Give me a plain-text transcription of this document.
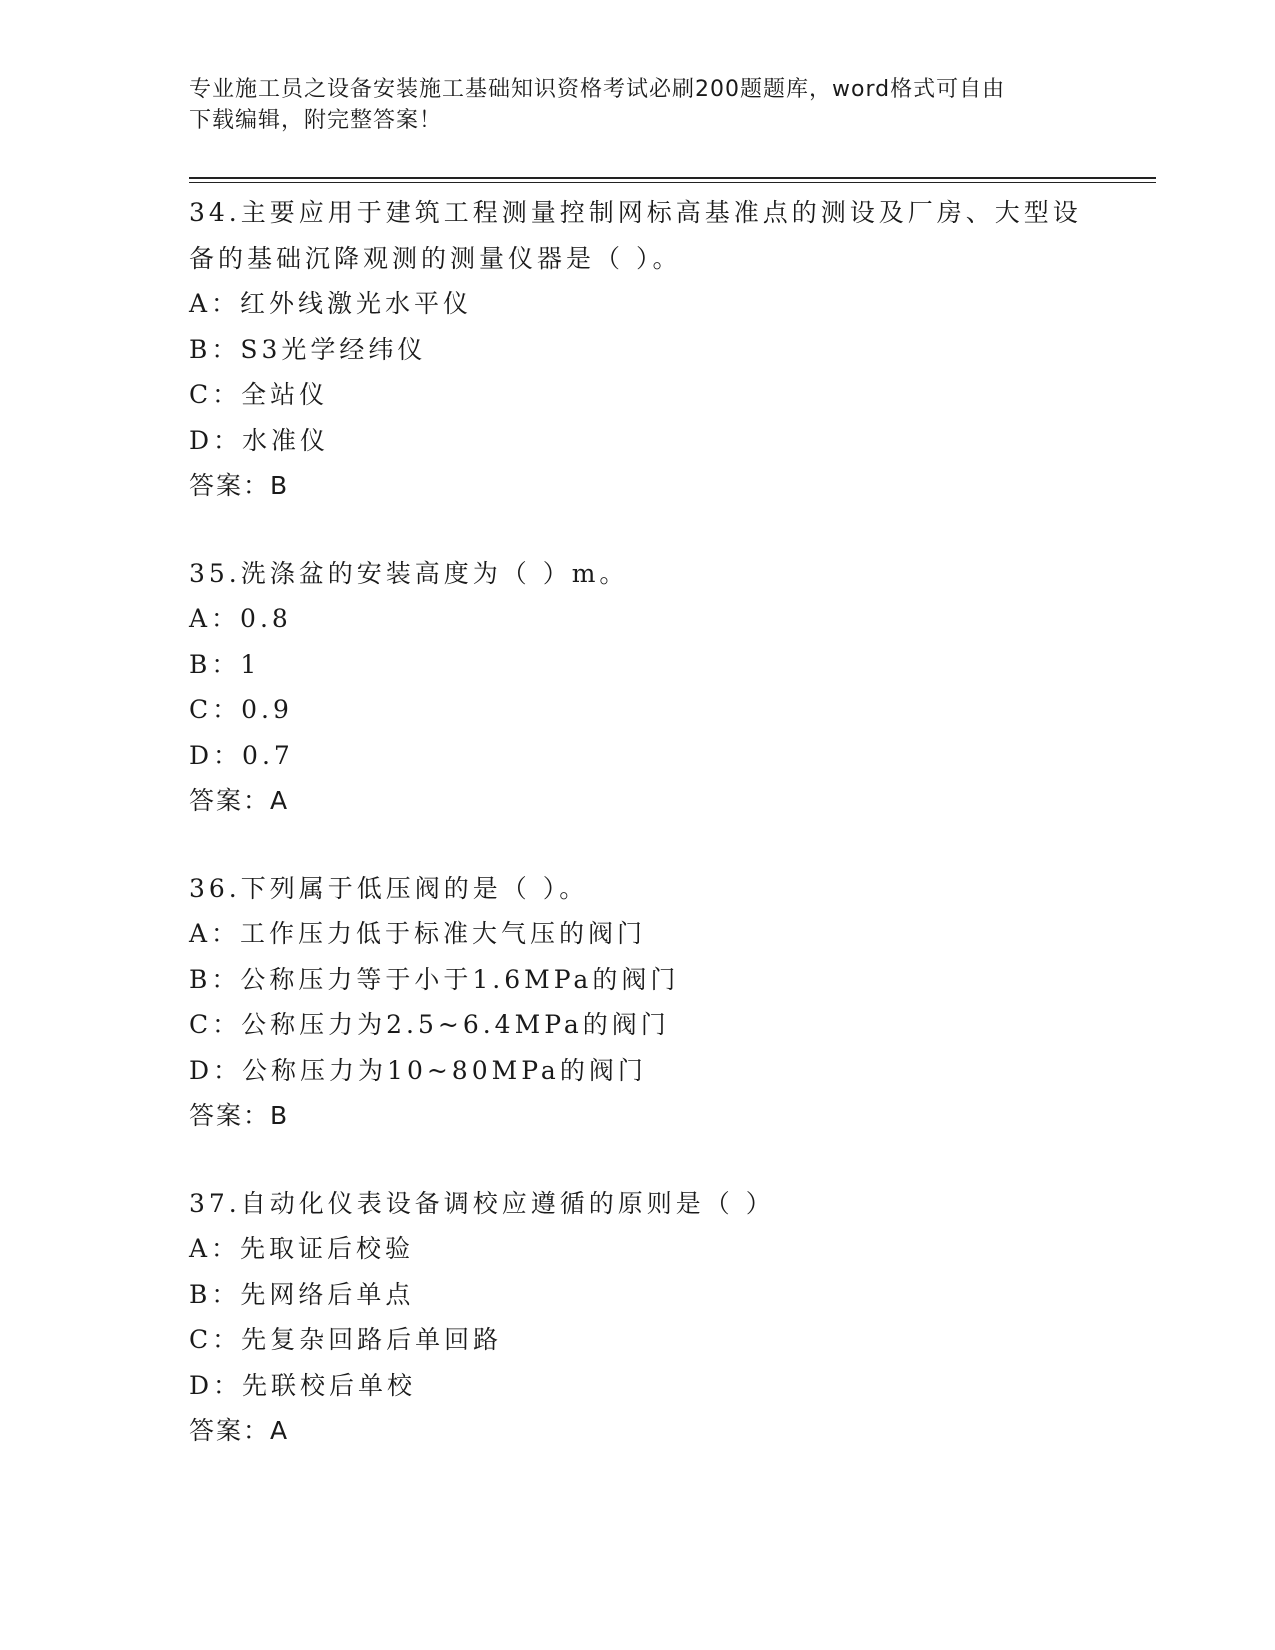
专业施工员之设备安装施工基础知识资格考试必刷200题题库，word格式可自由
下载编辑，附完整答案！
34.主要应用于建筑工程测量控制网标高基准点的测设及厂房、大型设
备的基础沉降观测的测量仪器是（ ）。
A：红外线激光水平仪
B：S3光学经纬仪
C：全站仪
D：水准仪
答案：B
35.洗涤盆的安装高度为（ ）m。
A：0.8
B：1
C：0.9
D：0.7
答案：A
36.下列属于低压阀的是（ ）。
A：工作压力低于标准大气压的阀门
B：公称压力等于小于1.6MPa的阀门
C：公称压力为2.5~6.4MPa的阀门
D：公称压力为10~80MPa的阀门
答案：B
37.自动化仪表设备调校应遵循的原则是（ ）
A：先取证后校验
B：先网络后单点
C：先复杂回路后单回路
D：先联校后单校
答案：A
